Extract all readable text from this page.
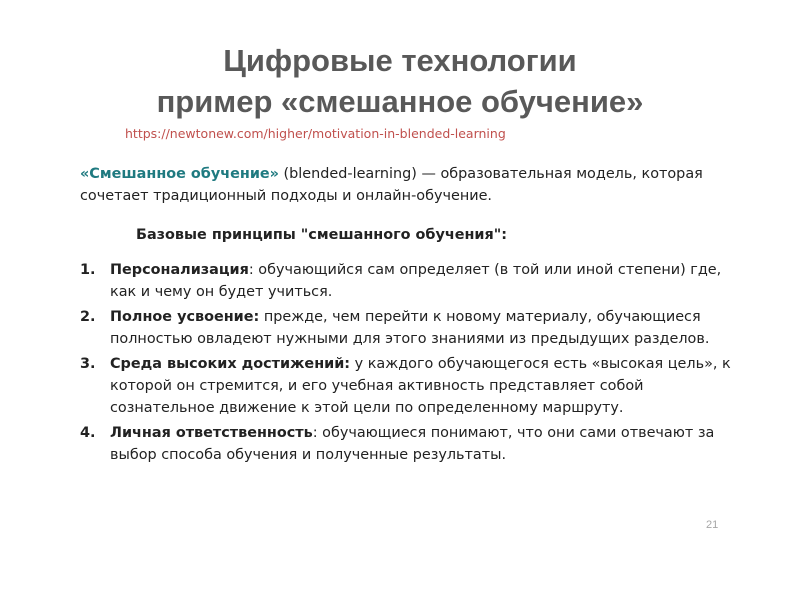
Цифровые технологии
пример «смешанное обучение»
https://newtonew.com/higher/motivation-in-blended-learning

«Смешанное обучение» (blended-learning) — образовательная модель, которая сочетает традиционный подходы и онлайн-обучение.

Базовые принципы "смешанного обучения":
1. Персонализация: обучающийся сам определяет (в той или иной степени) где, как и чему он будет учиться.
2. Полное усвоение: прежде, чем перейти к новому материалу, обучающиеся полностью овладеют нужными для этого знаниями из предыдущих разделов.
3. Среда высоких достижений: у каждого обучающегося есть «высокая цель», к которой он стремится, и его учебная активность представляет собой сознательное движение к этой цели по определенному маршруту.
4. Личная ответственность: обучающиеся понимают, что они сами отвечают за выбор способа обучения и полученные результаты.
21
